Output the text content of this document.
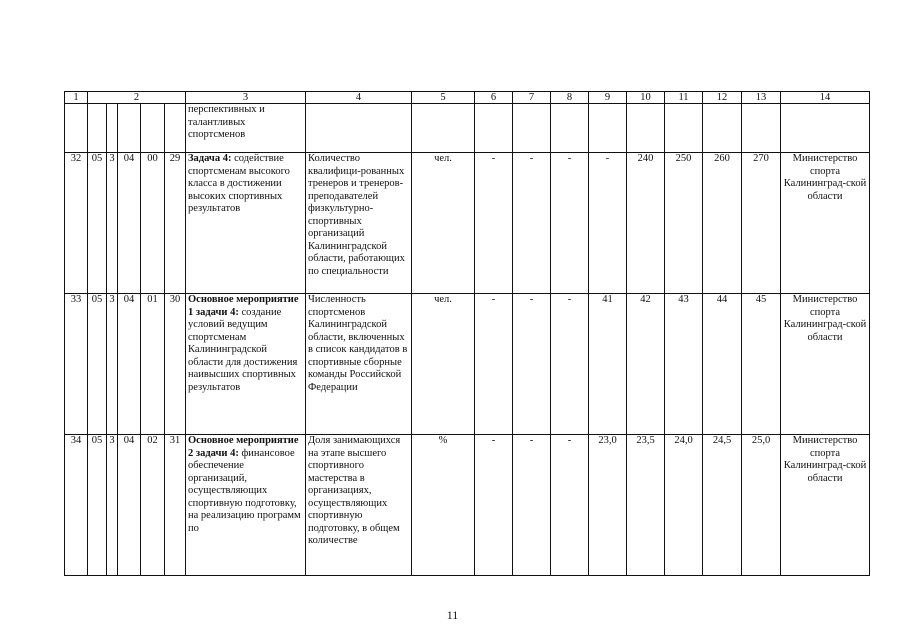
1	2					3	4	5	6	7	8	9	10	11	12	13	14
						перспективных и талантливых спортсменов											
32	05	3	04	00	29	Задача 4: содействие спортсменам высокого класса в достижении высоких спортивных результатов	Количество квалифици-рованных тренеров и тренеров-преподавателей физкультурно-спортивных организаций Калининградской области, работающих по специальности	чел.	-	-	-	-	240	250	260	270	Министерство спорта Калининград-ской области
33	05	3	04	01	30	Основное мероприятие 1 задачи 4: создание условий ведущим спортсменам Калининградской области для достижения наивысших спортивных результатов	Численность спортсменов Калининградской области, включенных в список кандидатов в спортивные сборные команды Российской Федерации	чел.	-	-	-	41	42	43	44	45	Министерство спорта Калининград-ской области
34	05	3	04	02	31	Основное мероприятие 2 задачи 4: финансовое обеспечение организаций, осуществляющих спортивную подготовку, на реализацию программ по	Доля занимающихся на этапе высшего спортивного мастерства в организациях, осуществляющих спортивную подготовку, в общем количестве	%	-	-	-	23,0	23,5	24,0	24,5	25,0	Министерство спорта Калининград-ской области
11
